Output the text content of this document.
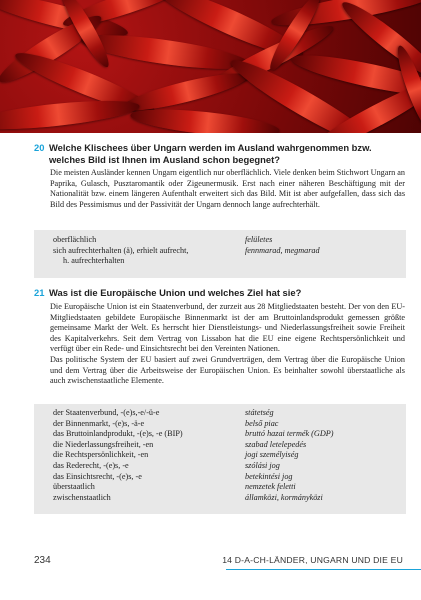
20 Welche Klischees über Ungarn werden im Ausland wahrgenommen bzw.
welches Bild ist Ihnen im Ausland schon begegnet?

Die meisten Ausländer kennen Ungarn eigentlich nur oberflächlich. Viele denken beim Stichwort Ungarn an Paprika, Gulasch, Pusztaromantik oder Zigeunermusik. Erst nach einer näheren Beschäftigung mit der Nationalität bzw. einem längeren Aufenthalt erweitert sich das Bild. Mit ist aber aufgefallen, dass sich das Bild des Pessimismus und der Passivität der Ungarn dennoch lange aufrechterhält.

oberflächlich	felületes
sich aufrechterhalten (ä), erhielt aufrecht,	fennmarad, megmarad
h. aufrechterhalten
21 Was ist die Europäische Union und welches Ziel hat sie?

Die Europäische Union ist ein Staatenverbund, der zurzeit aus 28 Mitgliedstaaten besteht. Der von den EU-Mitgliedstaaten gebildete Europäische Binnenmarkt ist der am Bruttoinlandsprodukt gemessen größte gemeinsame Markt der Welt. Es herrscht hier Dienstleistungs- und Niederlassungsfreiheit sowie Freiheit des Kapitalverkehrs. Seit dem Vertrag von Lissabon hat die EU eine eigene Rechtspersönlichkeit und verfügt über ein Rede- und Einsichtsrecht bei den Vereinten Nationen.

Das politische System der EU basiert auf zwei Grundverträgen, dem Vertrag über die Europäische Union und dem Vertrag über die Arbeitsweise der Europäischen Union. Es beinhalter sowohl überstaatliche als auch zwischenstaatliche Elemente.

der Staatenverbund, -(e)s,-e/-ü-e	státetség
der Binnenmarkt, -(e)s, -ä-e	belső piac
das Bruttoinlandprodukt, -(e)s, -e (BIP)	bruttó hazai termék (GDP)
die Niederlassungsfreiheit, -en	szabad letelepedés
die Rechtspersönlichkeit, -en	jogi személyiség
das Rederecht, -(e)s, -e	szólási jog
das Einsichtsrecht, -(e)s, -e	betekintési jog
überstaatlich	nemzetek feletti
zwischenstaatlich	államközi, kormányközi
234	14 D-A-CH-LÄNDER, UNGARN UND DIE EU
